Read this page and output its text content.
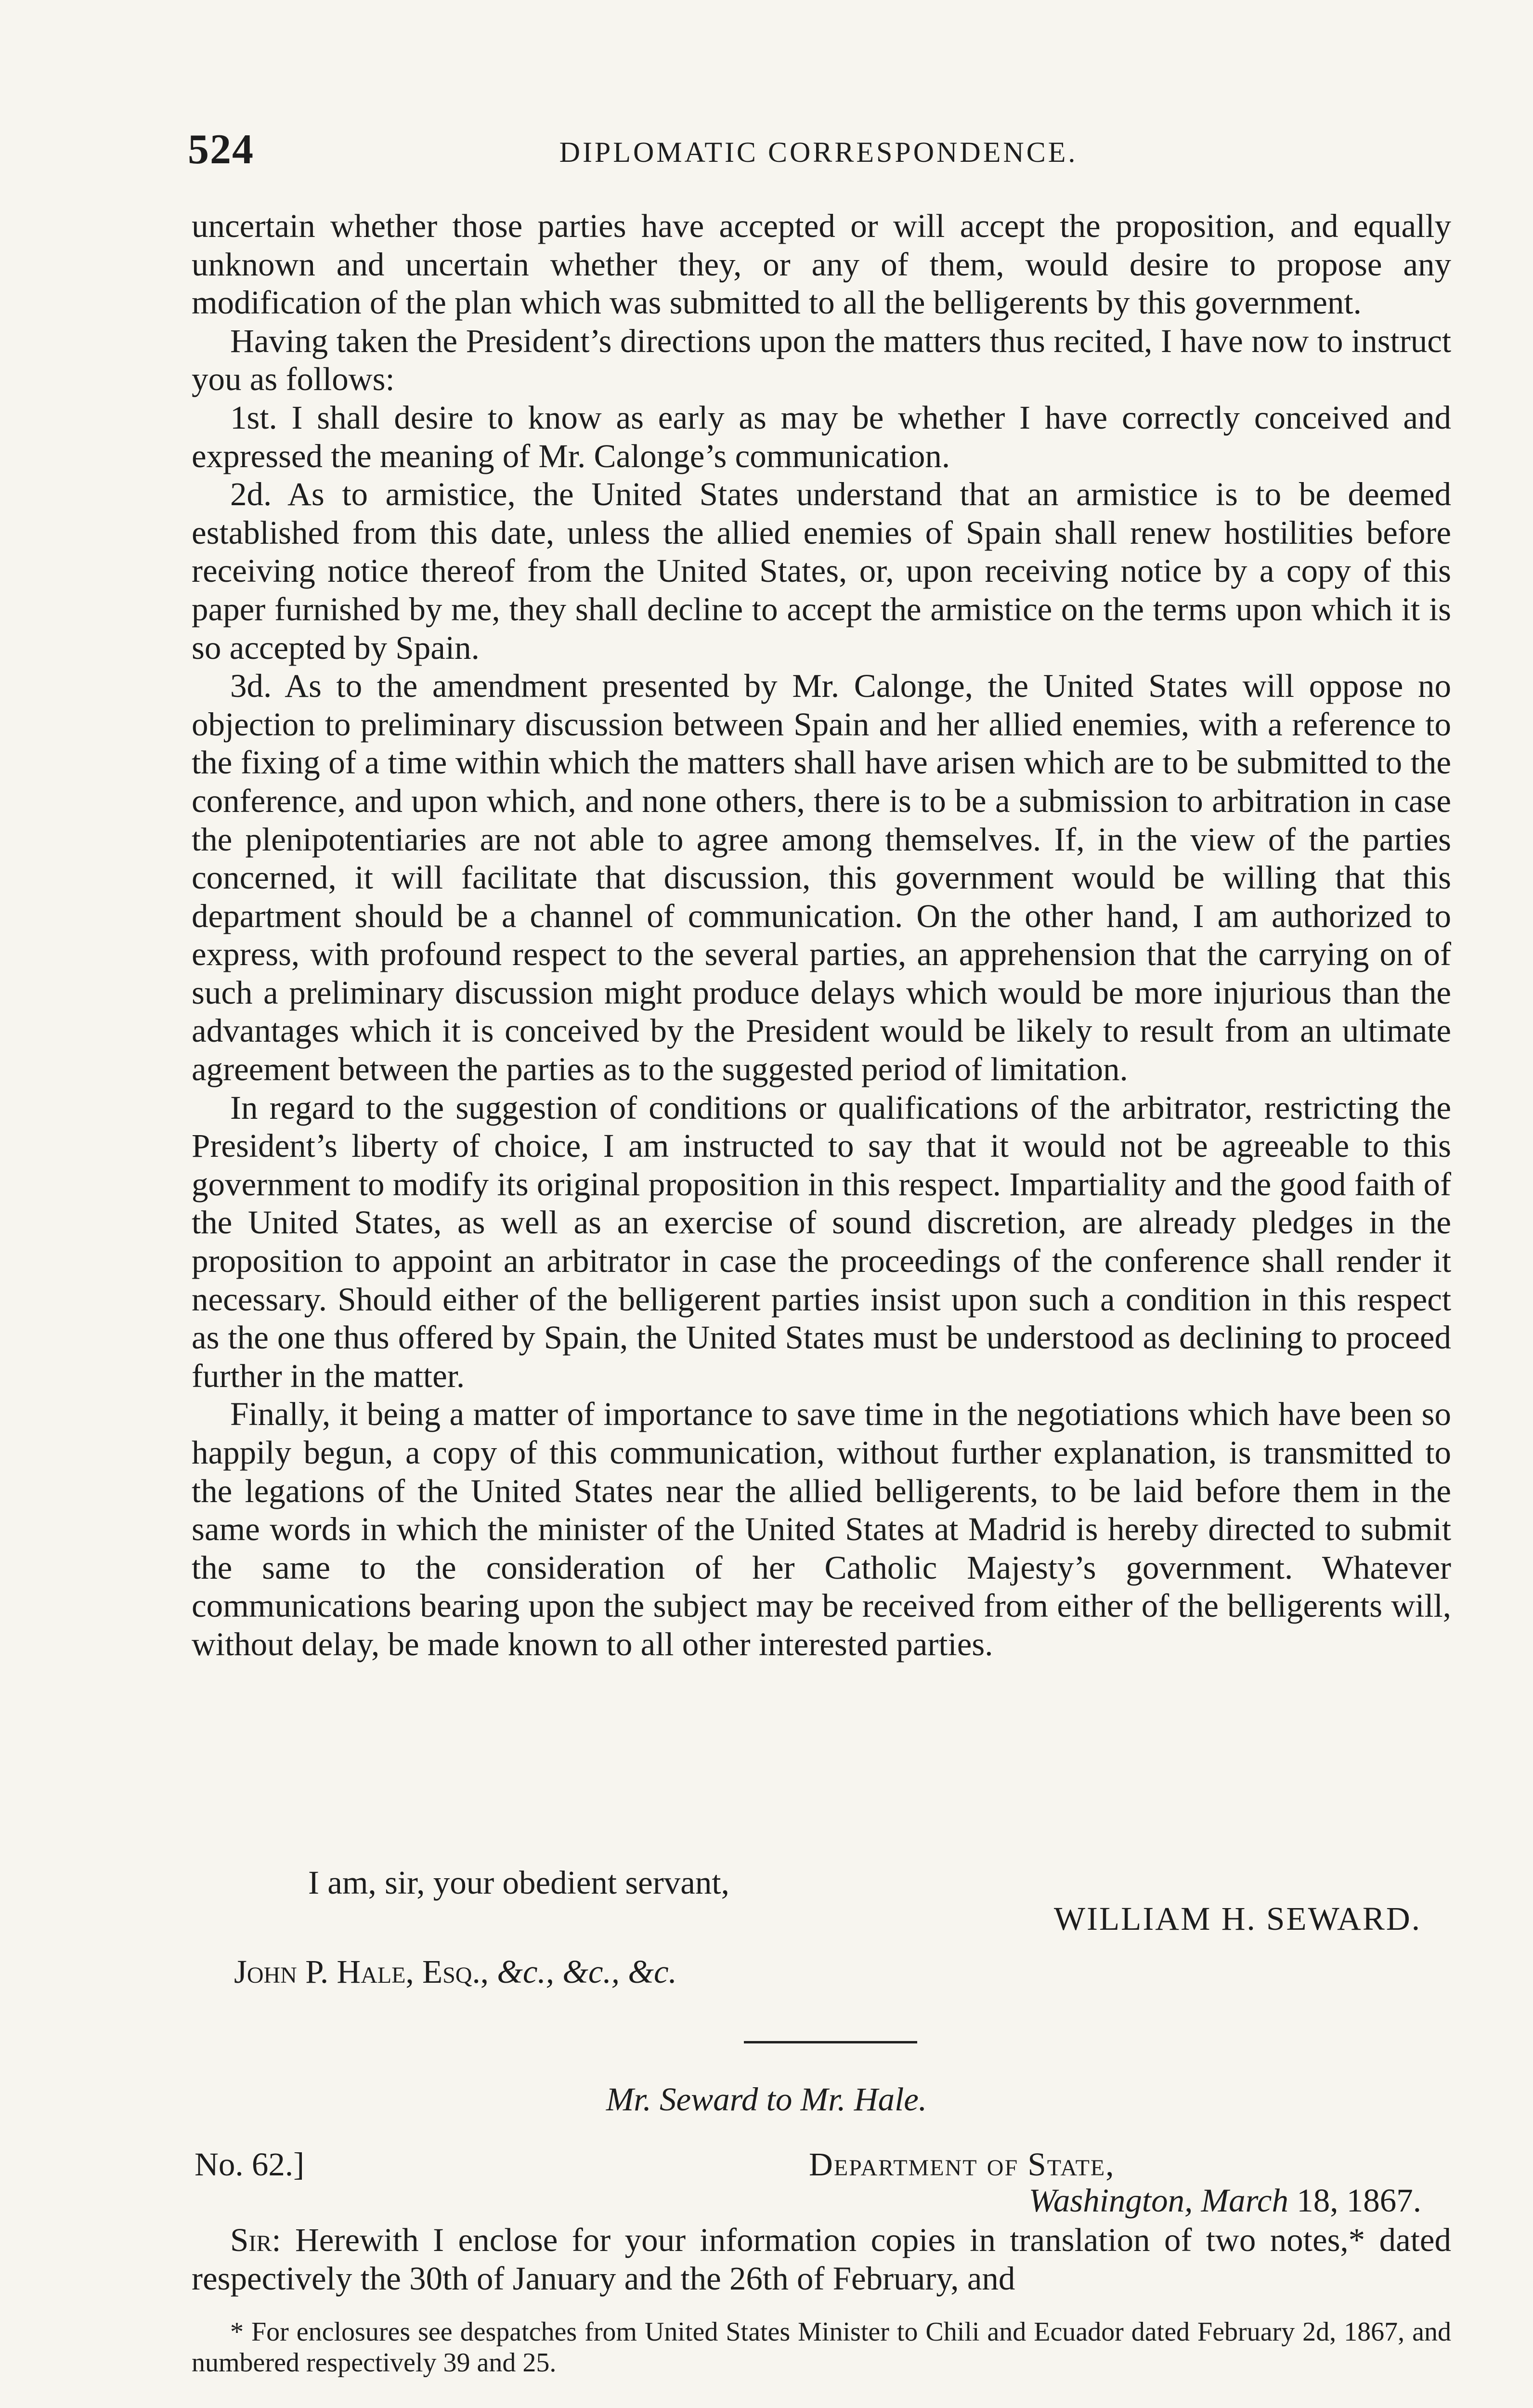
524	DIPLOMATIC CORRESPONDENCE.

uncertain whether those parties have accepted or will accept the proposition, and equally unknown and uncertain whether they, or any of them, would desire to propose any modification of the plan which was submitted to all the belligerents by this government.

Having taken the President’s directions upon the matters thus recited, I have now to instruct you as follows:

1st. I shall desire to know as early as may be whether I have correctly conceived and expressed the meaning of Mr. Calonge’s communication.

2d. As to armistice, the United States understand that an armistice is to be deemed established from this date, unless the allied enemies of Spain shall renew hostilities before receiving notice thereof from the United States, or, upon receiving notice by a copy of this paper furnished by me, they shall decline to accept the armistice on the terms upon which it is so accepted by Spain.

3d. As to the amendment presented by Mr. Calonge, the United States will oppose no objection to preliminary discussion between Spain and her allied enemies, with a reference to the fixing of a time within which the matters shall have arisen which are to be submitted to the conference, and upon which, and none others, there is to be a submission to arbitration in case the plenipotentiaries are not able to agree among themselves. If, in the view of the parties concerned, it will facilitate that discussion, this government would be willing that this department should be a channel of communication. On the other hand, I am authorized to express, with profound respect to the several parties, an apprehension that the carrying on of such a preliminary discussion might produce delays which would be more injurious than the advantages which it is conceived by the President would be likely to result from an ultimate agreement between the parties as to the suggested period of limitation.

In regard to the suggestion of conditions or qualifications of the arbitrator, restricting the President’s liberty of choice, I am instructed to say that it would not be agreeable to this government to modify its original proposition in this respect. Impartiality and the good faith of the United States, as well as an exercise of sound discretion, are already pledges in the proposition to appoint an arbitrator in case the proceedings of the conference shall render it necessary. Should either of the belligerent parties insist upon such a condition in this respect as the one thus offered by Spain, the United States must be understood as declining to proceed further in the matter.

Finally, it being a matter of importance to save time in the negotiations which have been so happily begun, a copy of this communication, without further explanation, is transmitted to the legations of the United States near the allied belligerents, to be laid before them in the same words in which the minister of the United States at Madrid is hereby directed to submit the same to the consideration of her Catholic Majesty’s government. Whatever communications bearing upon the subject may be received from either of the belligerents will, without delay, be made known to all other interested parties.

I am, sir, your obedient servant,
WILLIAM H. SEWARD.
John P. Hale, Esq., &c., &c., &c.
Mr. Seward to Mr. Hale.
No. 62.]	Department of State,
Washington, March 18, 1867.

Sir: Herewith I enclose for your information copies in translation of two notes,* dated respectively the 30th of January and the 26th of February, and

* For enclosures see despatches from United States Minister to Chili and Ecuador dated February 2d, 1867, and numbered respectively 39 and 25.
